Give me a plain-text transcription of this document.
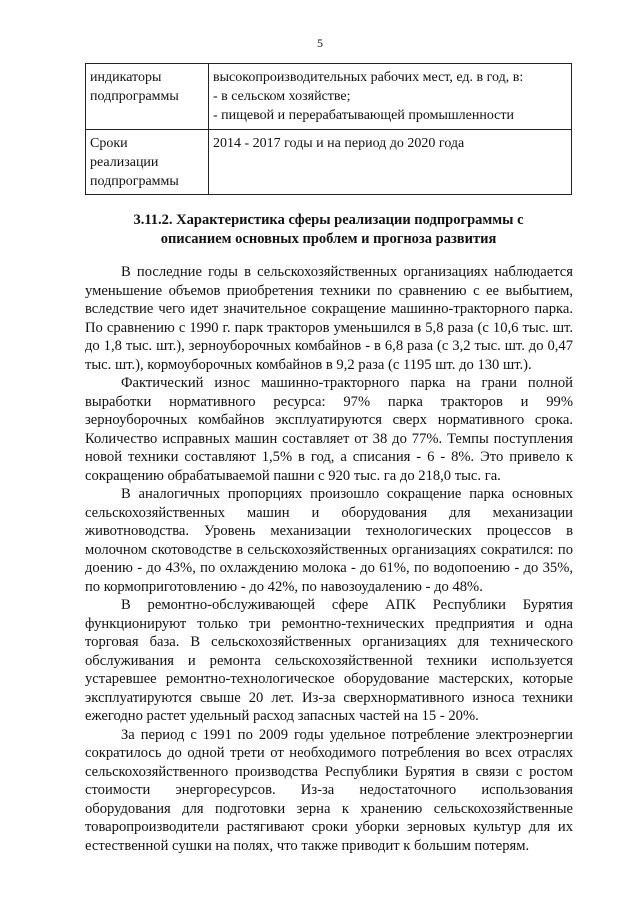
5
индикаторы
подпрограммы	высокопроизводительных рабочих мест, ед. в год, в:
- в сельском хозяйстве;
- пищевой и перерабатывающей промышленности

Сроки
реализации
подпрограммы	2014 - 2017 годы и на период до 2020 года
3.11.2. Характеристика сферы реализации подпрограммы с
описанием основных проблем и прогноза развития

В последние годы в сельскохозяйственных организациях наблюдается уменьшение объемов приобретения техники по сравнению с ее выбытием, вследствие чего идет значительное сокращение машинно-тракторного парка. По сравнению с 1990 г. парк тракторов уменьшился в 5,8 раза (с 10,6 тыс. шт. до 1,8 тыс. шт.), зерноуборочных комбайнов - в 6,8 раза (с 3,2 тыс. шт. до 0,47 тыс. шт.), кормоуборочных комбайнов в 9,2 раза (с 1195 шт. до 130 шт.).

Фактический износ машинно-тракторного парка на грани полной выработки нормативного ресурса: 97% парка тракторов и 99% зерноуборочных комбайнов эксплуатируются сверх нормативного срока. Количество исправных машин составляет от 38 до 77%. Темпы поступления новой техники составляют 1,5% в год, а списания - 6 - 8%. Это привело к сокращению обрабатываемой пашни с 920 тыс. га до 218,0 тыс. га.

В аналогичных пропорциях произошло сокращение парка основных сельскохозяйственных машин и оборудования для механизации животноводства. Уровень механизации технологических процессов в молочном скотоводстве в сельскохозяйственных организациях сократился: по доению - до 43%, по охлаждению молока - до 61%, по водопоению - до 35%, по кормоприготовлению - до 42%, по навозоудалению - до 48%.

В ремонтно-обслуживающей сфере АПК Республики Бурятия функционируют только три ремонтно-технических предприятия и одна торговая база. В сельскохозяйственных организациях для технического обслуживания и ремонта сельскохозяйственной техники используется устаревшее ремонтно-технологическое оборудование мастерских, которые эксплуатируются свыше 20 лет. Из-за сверхнормативного износа техники ежегодно растет удельный расход запасных частей на 15 - 20%.

За период с 1991 по 2009 годы удельное потребление электроэнергии сократилось до одной трети от необходимого потребления во всех отраслях сельскохозяйственного производства Республики Бурятия в связи с ростом стоимости энергоресурсов. Из-за недостаточного использования оборудования для подготовки зерна к хранению сельскохозяйственные товаропроизводители растягивают сроки уборки зерновых культур для их естественной сушки на полях, что также приводит к большим потерям.
